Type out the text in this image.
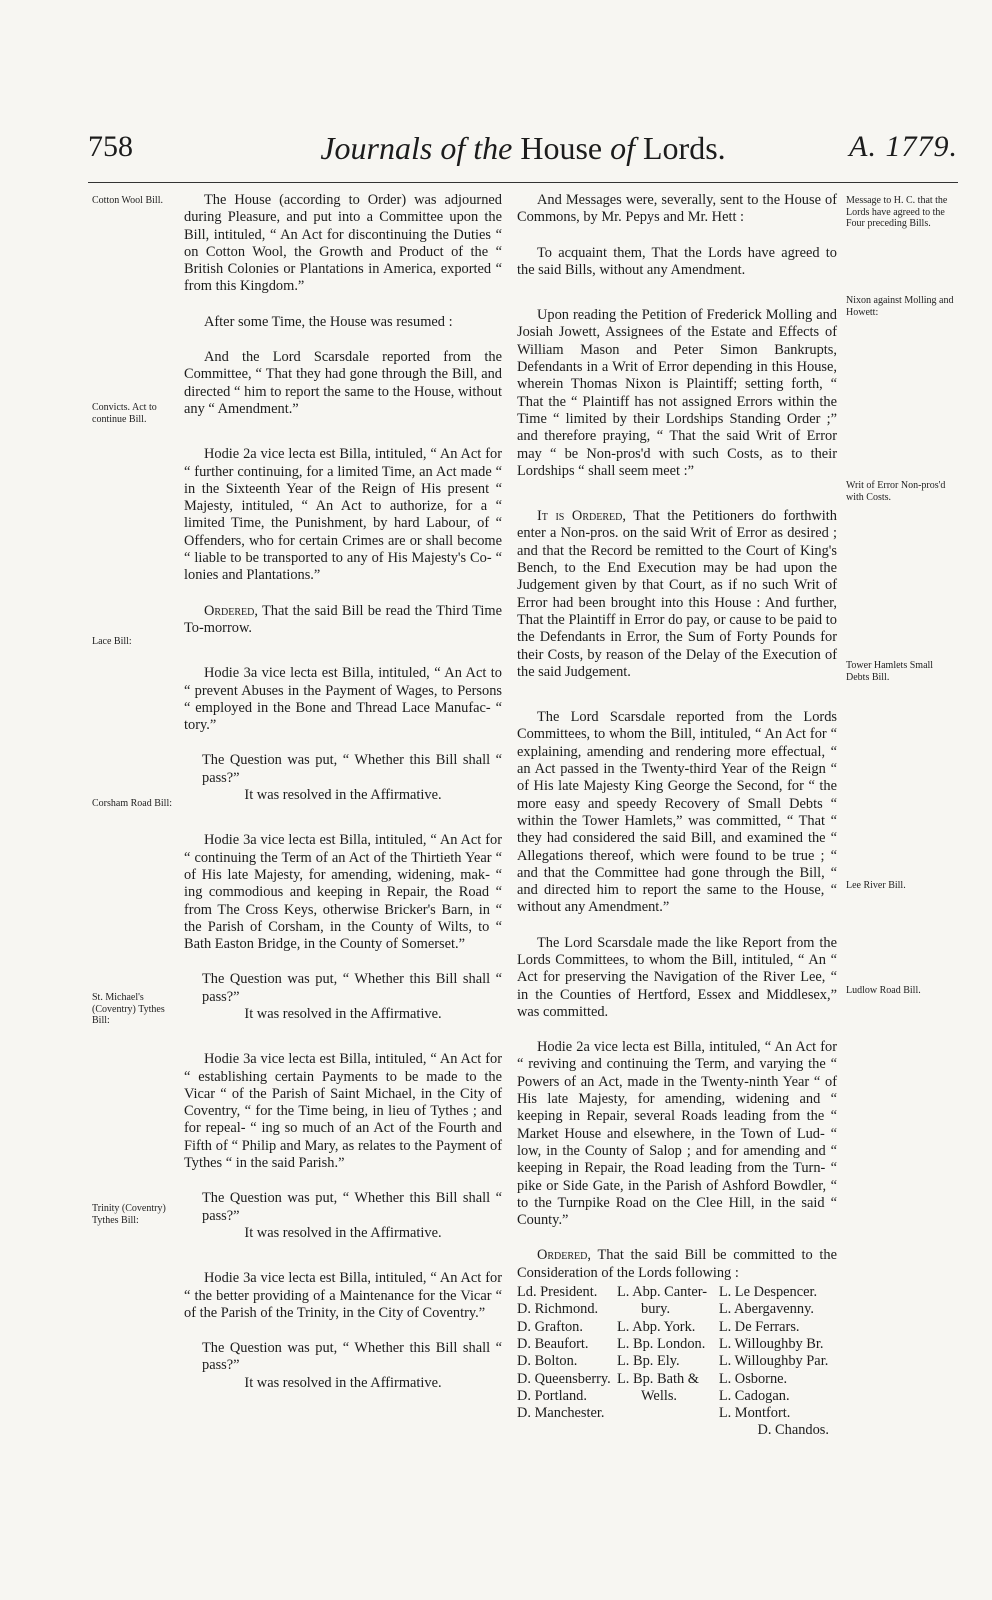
758	Journals of the House of Lords.	A. 1779.
Cotton Wool Bill.
Convicts. Act to continue Bill.
Lace Bill:
Corsham Road Bill:
St. Michael's (Coventry) Tythes Bill:
Trinity (Coventry) Tythes Bill:
Message to H. C. that the Lords have agreed to the Four preceding Bills.
Nixon against Molling and Howett:
Writ of Error Non-pros'd with Costs.
Tower Hamlets Small Debts Bill.
Lee River Bill.
Ludlow Road Bill.

The House (according to Order) was adjourned during Pleasure, and put into a Committee upon the Bill, intituled, “ An Act for discontinuing the Duties “ on Cotton Wool, the Growth and Product of the “ British Colonies or Plantations in America, exported “ from this Kingdom.”

After some Time, the House was resumed :

And the Lord Scarsdale reported from the Committee, “ That they had gone through the Bill, and directed “ him to report the same to the House, without any “ Amendment.”

Hodie 2a vice lecta est Billa, intituled, “ An Act for “ further continuing, for a limited Time, an Act made “ in the Sixteenth Year of the Reign of His present “ Majesty, intituled, “ An Act to authorize, for a “ limited Time, the Punishment, by hard Labour, of “ Offenders, who for certain Crimes are or shall become “ liable to be transported to any of His Majesty's Co- “ lonies and Plantations.”

Ordered, That the said Bill be read the Third Time To-morrow.

Hodie 3a vice lecta est Billa, intituled, “ An Act to “ prevent Abuses in the Payment of Wages, to Persons “ employed in the Bone and Thread Lace Manufac- “ tory.”

The Question was put, “ Whether this Bill shall “ pass?”

It was resolved in the Affirmative.

Hodie 3a vice lecta est Billa, intituled, “ An Act for “ continuing the Term of an Act of the Thirtieth Year “ of His late Majesty, for amending, widening, mak- “ ing commodious and keeping in Repair, the Road “ from The Cross Keys, otherwise Bricker's Barn, in “ the Parish of Corsham, in the County of Wilts, to “ Bath Easton Bridge, in the County of Somerset.”

The Question was put, “ Whether this Bill shall “ pass?”

It was resolved in the Affirmative.

Hodie 3a vice lecta est Billa, intituled, “ An Act for “ establishing certain Payments to be made to the Vicar “ of the Parish of Saint Michael, in the City of Coventry, “ for the Time being, in lieu of Tythes ; and for repeal- “ ing so much of an Act of the Fourth and Fifth of “ Philip and Mary, as relates to the Payment of Tythes “ in the said Parish.”

The Question was put, “ Whether this Bill shall “ pass?”

It was resolved in the Affirmative.

Hodie 3a vice lecta est Billa, intituled, “ An Act for “ the better providing of a Maintenance for the Vicar “ of the Parish of the Trinity, in the City of Coventry.”

The Question was put, “ Whether this Bill shall “ pass?”

It was resolved in the Affirmative.

And Messages were, severally, sent to the House of Commons, by Mr. Pepys and Mr. Hett :

To acquaint them, That the Lords have agreed to the said Bills, without any Amendment.

Upon reading the Petition of Frederick Molling and Josiah Jowett, Assignees of the Estate and Effects of William Mason and Peter Simon Bankrupts, Defendants in a Writ of Error depending in this House, wherein Thomas Nixon is Plaintiff; setting forth, “ That the “ Plaintiff has not assigned Errors within the Time “ limited by their Lordships Standing Order ;” and therefore praying, “ That the said Writ of Error may “ be Non-pros'd with such Costs, as to their Lordships “ shall seem meet :”

It is Ordered, That the Petitioners do forthwith enter a Non-pros. on the said Writ of Error as desired ; and that the Record be remitted to the Court of King's Bench, to the End Execution may be had upon the Judgement given by that Court, as if no such Writ of Error had been brought into this House : And further, That the Plaintiff in Error do pay, or cause to be paid to the Defendants in Error, the Sum of Forty Pounds for their Costs, by reason of the Delay of the Execution of the said Judgement.

The Lord Scarsdale reported from the Lords Committees, to whom the Bill, intituled, “ An Act for “ explaining, amending and rendering more effectual, “ an Act passed in the Twenty-third Year of the Reign “ of His late Majesty King George the Second, for “ the more easy and speedy Recovery of Small Debts “ within the Tower Hamlets,” was committed, “ That “ they had considered the said Bill, and examined the “ Allegations thereof, which were found to be true ; “ and that the Committee had gone through the Bill, “ and directed him to report the same to the House, “ without any Amendment.”

The Lord Scarsdale made the like Report from the Lords Committees, to whom the Bill, intituled, “ An “ Act for preserving the Navigation of the River Lee, “ in the Counties of Hertford, Essex and Middlesex,” was committed.

Hodie 2a vice lecta est Billa, intituled, “ An Act for “ reviving and continuing the Term, and varying the “ Powers of an Act, made in the Twenty-ninth Year “ of His late Majesty, for amending, widening and “ keeping in Repair, several Roads leading from the “ Market House and elsewhere, in the Town of Lud- “ low, in the County of Salop ; and for amending and “ keeping in Repair, the Road leading from the Turn- “ pike or Side Gate, in the Parish of Ashford Bowdler, “ to the Turnpike Road on the Clee Hill, in the said “ County.”

Ordered, That the said Bill be committed to the Consideration of the Lords following :

Ld. President.
D. Richmond.
D. Grafton.
D. Beaufort.
D. Bolton.
D. Queensberry.
D. Portland.
D. Manchester.
L. Abp. Canter-
bury.
L. Abp. York.
L. Bp. London.
L. Bp. Ely.
L. Bp. Bath &
Wells.
L. Le Despencer.
L. Abergavenny.
L. De Ferrars.
L. Willoughby Br.
L. Willoughby Par.
L. Osborne.
L. Cadogan.
L. Montfort.

D. Chandos.
